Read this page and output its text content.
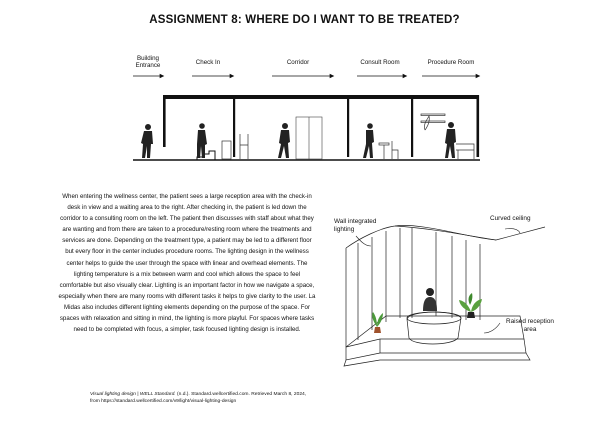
ASSIGNMENT 8: WHERE DO I WANT TO BE TREATED?
Building
Entrance	Check In	Corridor	Consult Room	Procedure Room
When entering the wellness center, the patient sees a large reception area with the check-in desk in view and a waiting area to the right. After checking in, the patient is led down the corridor to a consulting room on the left. The patient then discusses with staff about what they are wanting and from there are taken to a procedure/resting room where the treatments and services are done. Depending on the treatment type, a patient may be led to a different floor but every floor in the center includes procedure rooms. The lighting design in the wellness center helps to guide the user through the space with linear and overhead elements. The lighting temperature is a mix between warm and cool which allows the space to feel comfortable but also visually clear. Lighting is an important factor in how we navigate a space, especially when there are many rooms with different tasks it helps to give clarity to the user. La Midas also includes different lighting elements depending on the purpose of the space. For spaces with relaxation and sitting in mind, the lighting is more playful. For spaces where tasks need to be completed with focus, a simpler, task focused lighting design is installed.
Visual lighting design | WELL Standard. (n.d.). Standard.wellcertified.com. Retrieved March 8, 2024, from https://standard.wellcertified.com/v9/light/visual-lighting-design
Wall integrated
lighting
Curved ceiling
Raised reception
area
